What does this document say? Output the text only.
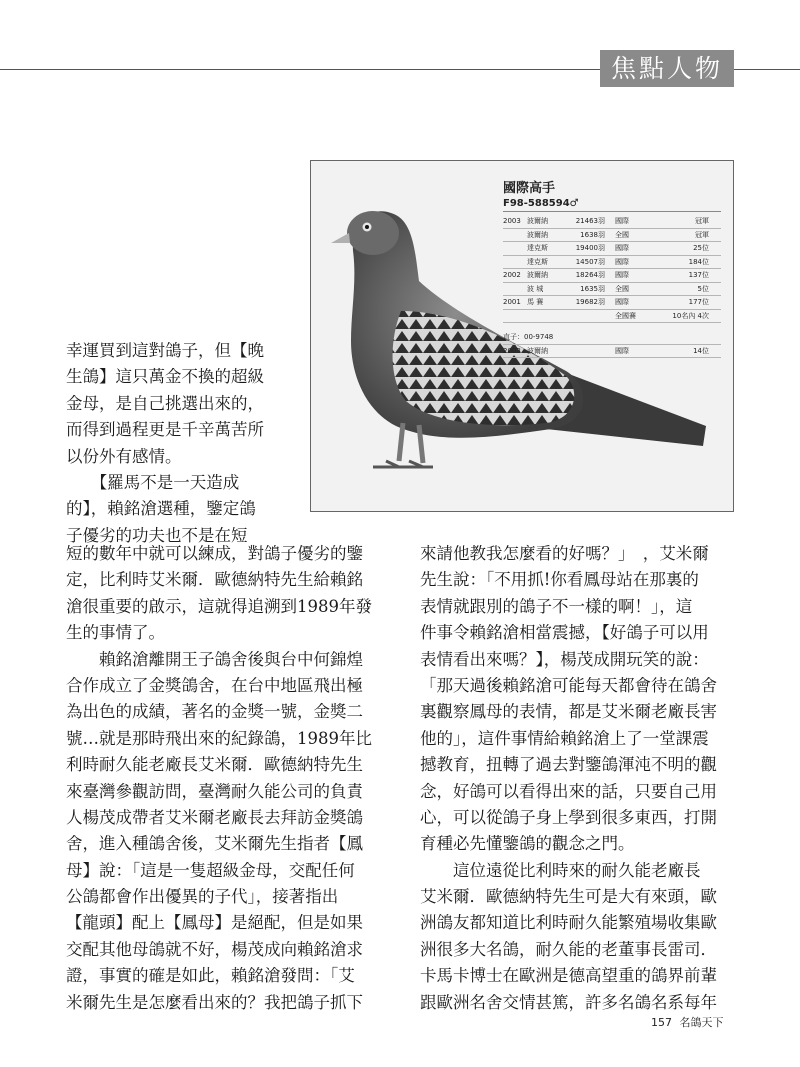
焦點人物
國際高手
F98-588594♂
2003 波爾納	21463羽	國際	冠軍
波爾納	1638羽	全國	冠軍
達克斯	19400羽	國際	25位
達克斯	14507羽	國際	184位
2002 波爾納	18264羽	國際	137位
波 城	1635羽	全國	5位
2001 馬 賽	19682羽	國際	177位
全國賽	10名內 4次
直子：00-9748
2003 波爾納	國際	14位
幸運買到這對鴿子，但【晚
生鴿】這只萬金不換的超級
金母，是自己挑選出來的，
而得到過程更是千辛萬苦所
以份外有感情。
　　【羅馬不是一天造成
的】，賴銘滄選種，鑒定鴿
子優劣的功夫也不是在短
短的數年中就可以練成，對鴿子優劣的鑒
定，比利時艾米爾．歐德納特先生給賴銘
滄很重要的啟示，這就得追溯到1989年發
生的事情了。
　　賴銘滄離開王子鴿舍後與台中何錦煌
合作成立了金獎鴿舍，在台中地區飛出極
為出色的成績，著名的金獎一號，金獎二
號…就是那時飛出來的紀錄鴿，1989年比
利時耐久能老廠長艾米爾．歐德納特先生
來臺灣參觀訪問，臺灣耐久能公司的負責
人楊茂成帶者艾米爾老廠長去拜訪金獎鴿
舍，進入種鴿舍後，艾米爾先生指者【鳳
母】說：「這是一隻超級金母，交配任何
公鴿都會作出優異的子代」，接著指出
【龍頭】配上【鳳母】是絕配，但是如果
交配其他母鴿就不好，楊茂成向賴銘滄求
證，事實的確是如此，賴銘滄發問：「艾
米爾先生是怎麼看出來的？我把鴿子抓下
來請他教我怎麼看的好嗎？」　，艾米爾
先生說：「不用抓!你看鳳母站在那裏的
表情就跟別的鴿子不一樣的啊！」，這
件事令賴銘滄相當震撼，【好鴿子可以用
表情看出來嗎？】，楊茂成開玩笑的說：
「那天過後賴銘滄可能每天都會待在鴿舍
裏觀察鳳母的表情，都是艾米爾老廠長害
他的」，這件事情給賴銘滄上了一堂課震
撼教育，扭轉了過去對鑒鴿渾沌不明的觀
念，好鴿可以看得出來的話，只要自己用
心，可以從鴿子身上學到很多東西，打開
育種必先懂鑒鴿的觀念之門。
　　這位遠從比利時來的耐久能老廠長
艾米爾．歐德納特先生可是大有來頭，歐
洲鴿友都知道比利時耐久能繁殖場收集歐
洲很多大名鴿，耐久能的老董事長雷司．
卡馬卡博士在歐洲是德高望重的鴿界前輩
跟歐洲名舍交情甚篤，許多名鴿名系每年
157 名鴿天下
